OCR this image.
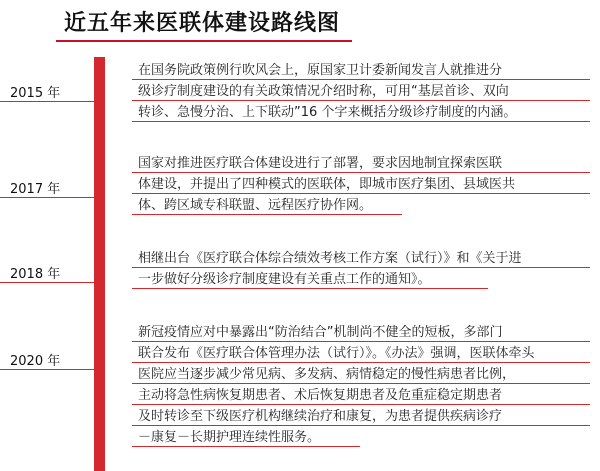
近五年来医联体建设路线图
2015 年
在国务院政策例行吹风会上，原国家卫计委新闻发言人就推进分
级诊疗制度建设的有关政策情况介绍时称，可用“基层首诊、双向
转诊、急慢分治、上下联动”16 个字来概括分级诊疗制度的内涵。
2017 年
国家对推进医疗联合体建设进行了部署，要求因地制宜探索医联
体建设，并提出了四种模式的医联体，即城市医疗集团、县域医共
体、跨区域专科联盟、远程医疗协作网。
2018 年
相继出台《医疗联合体综合绩效考核工作方案（试行）》和《关于进
一步做好分级诊疗制度建设有关重点工作的通知》。
2020 年
新冠疫情应对中暴露出“防治结合”机制尚不健全的短板，多部门
联合发布《医疗联合体管理办法（试行）》。《办法》强调，医联体牵头
医院应当逐步减少常见病、多发病、病情稳定的慢性病患者比例，
主动将急性病恢复期患者、术后恢复期患者及危重症稳定期患者
及时转诊至下级医疗机构继续治疗和康复，为患者提供疾病诊疗
－康复－长期护理连续性服务。
